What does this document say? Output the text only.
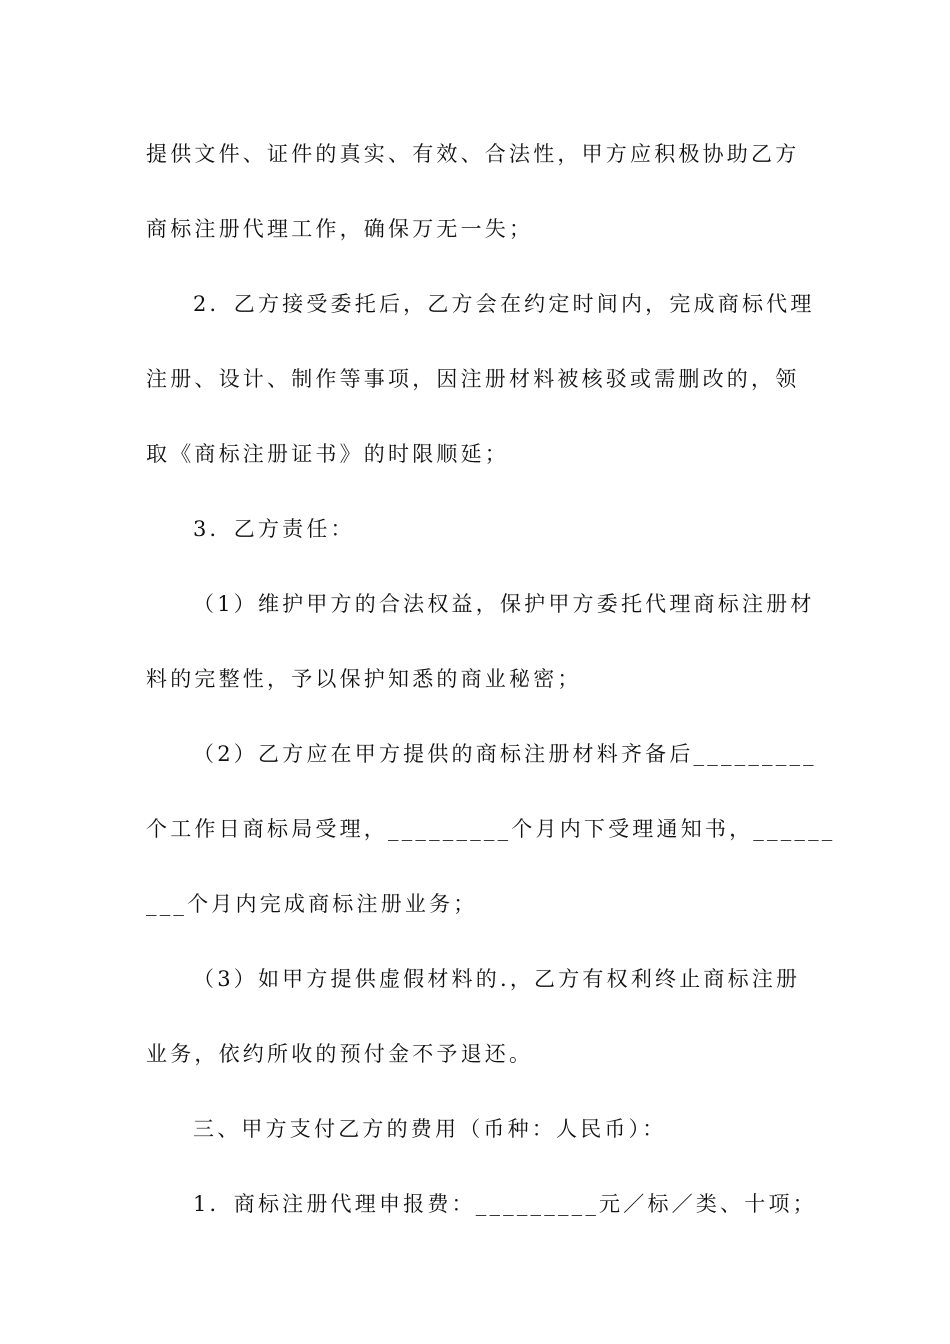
提供文件、证件的真实、有效、合法性，甲方应积极协助乙方
商标注册代理工作，确保万无一失；
2．乙方接受委托后，乙方会在约定时间内，完成商标代理
注册、设计、制作等事项，因注册材料被核驳或需删改的，领
取《商标注册证书》的时限顺延；
3．乙方责任：
（1）维护甲方的合法权益，保护甲方委托代理商标注册材
料的完整性，予以保护知悉的商业秘密；
（2）乙方应在甲方提供的商标注册材料齐备后_________
个工作日商标局受理，_________个月内下受理通知书，______
___个月内完成商标注册业务；
（3）如甲方提供虚假材料的.，乙方有权利终止商标注册
业务，依约所收的预付金不予退还。
三、甲方支付乙方的费用（币种：人民币）：
1．商标注册代理申报费：_________元／标／类、十项；
